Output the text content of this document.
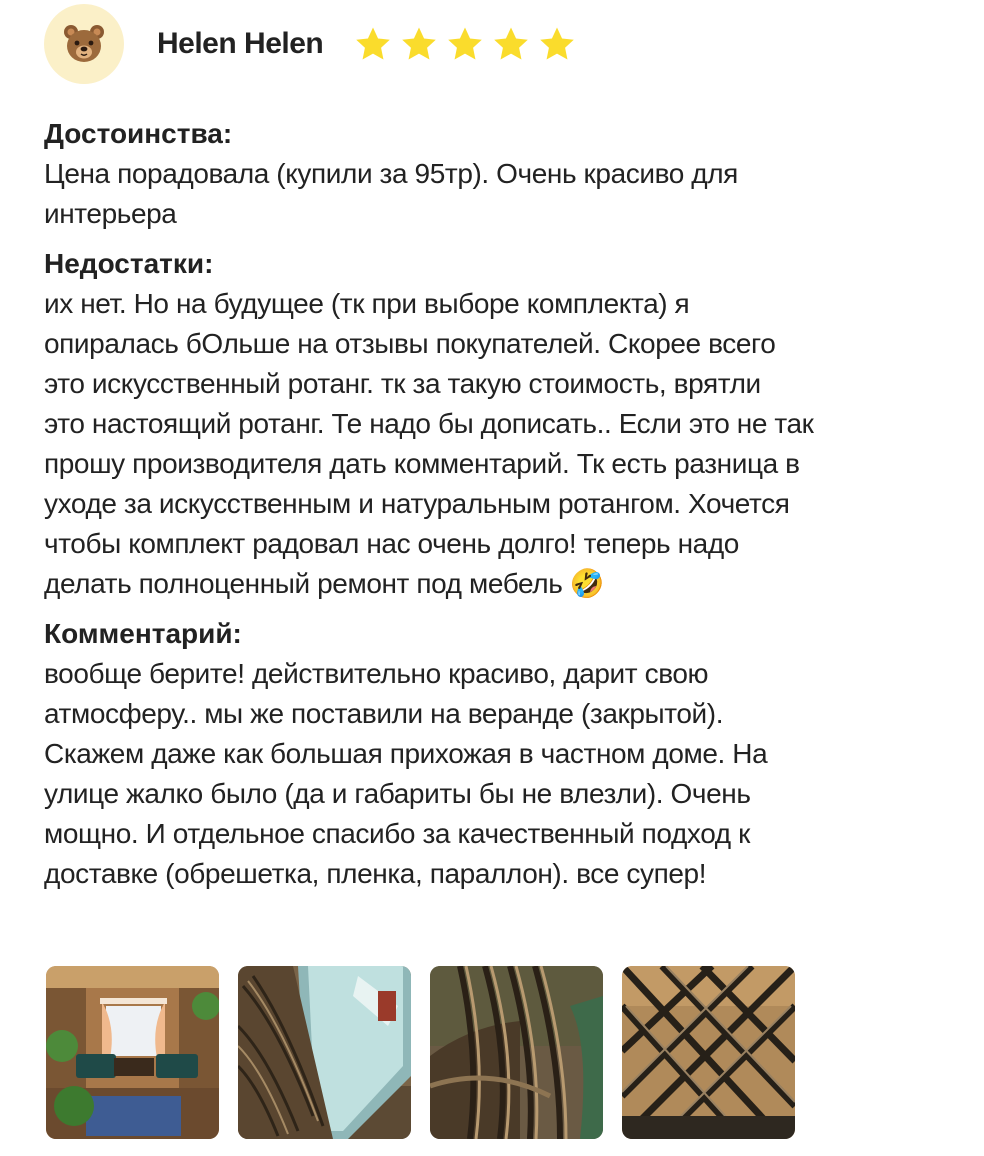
Helen Helen
Достоинства:
Цена порадовала (купили за 95тр). Очень красиво для
интерьера
Недостатки:
их нет. Но на будущее (тк при выборе комплекта) я
опиралась бОльше на отзывы покупателей. Скорее всего
это искусственный ротанг. тк за такую стоимость, врятли
это настоящий ротанг. Те надо бы дописать.. Если это не так
прошу производителя дать комментарий. Тк есть разница в
уходе за искусственным и натуральным ротангом. Хочется
чтобы комплект радовал нас очень долго! теперь надо
делать полноценный ремонт под мебель 🤣
Комментарий:
вообще берите! действительно красиво, дарит свою
атмосферу.. мы же поставили на веранде (закрытой).
Скажем даже как большая прихожая в частном доме. На
улице жалко было (да и габариты бы не влезли). Очень
мощно. И отдельное спасибо за качественный подход к
доставке (обрешетка, пленка, параллон). все супер!
